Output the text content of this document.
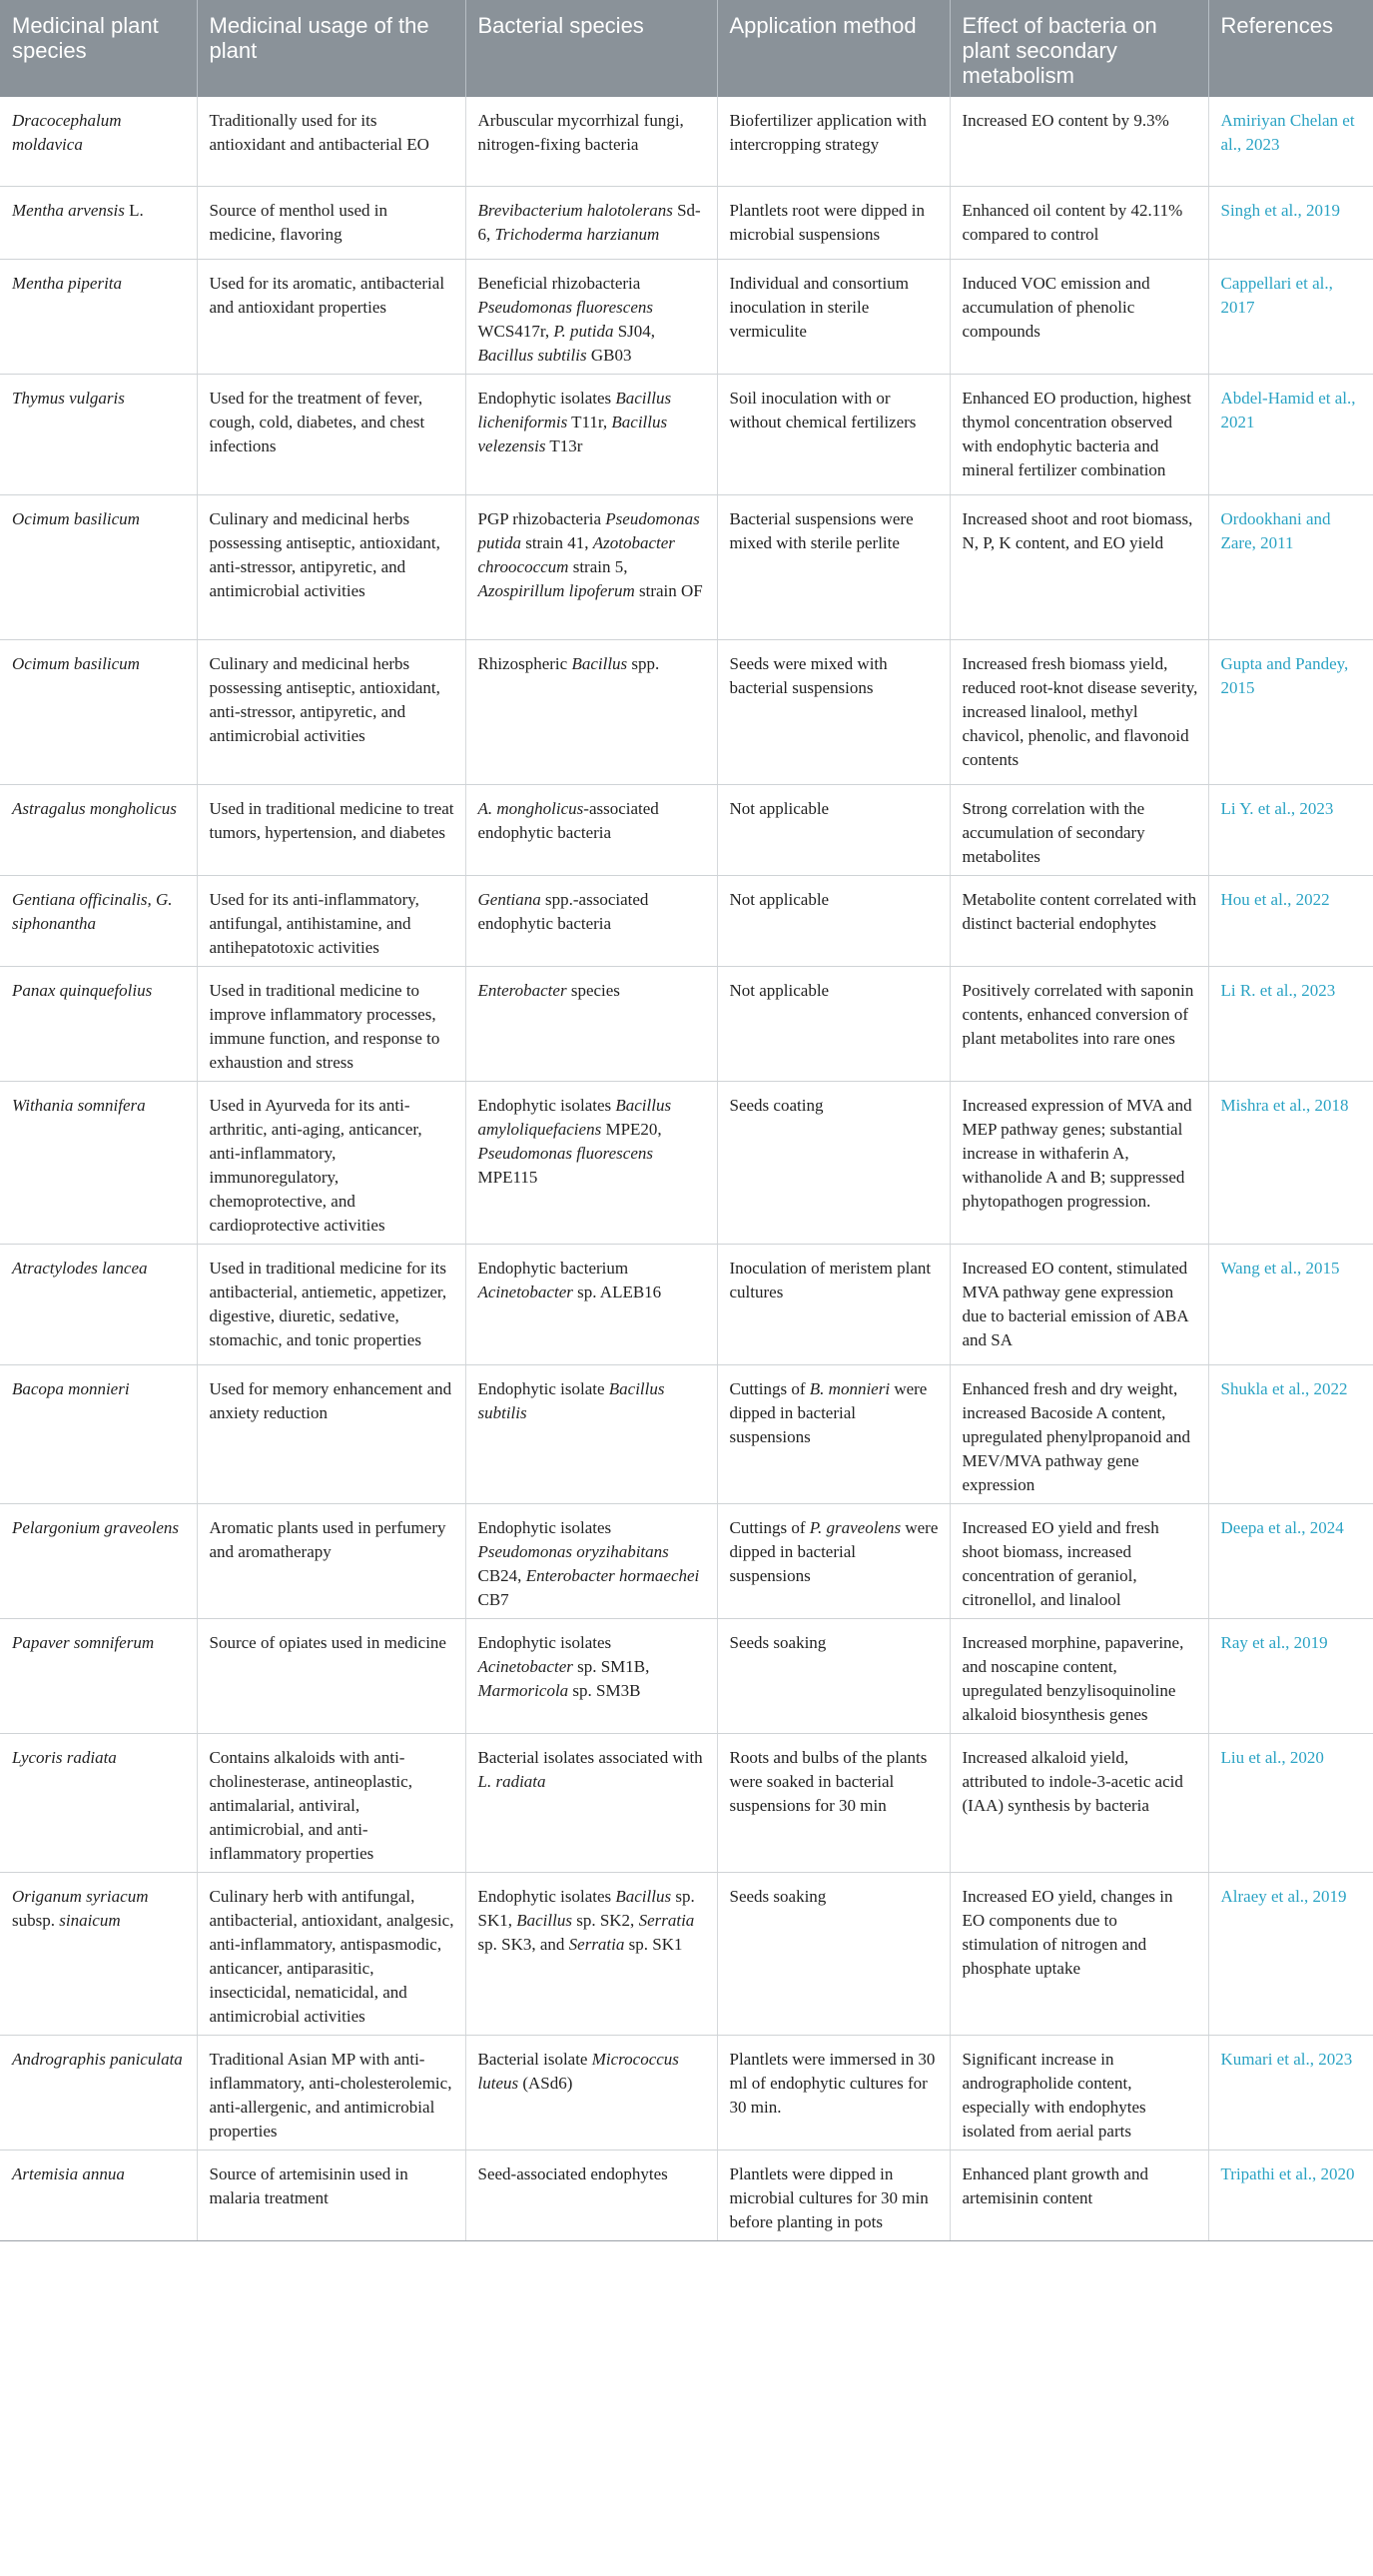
Medicinal plant species	Medicinal usage of the plant	Bacterial species	Application method	Effect of bacteria on plant secondary metabolism	References
Dracocephalum moldavica	Traditionally used for its antioxidant and antibacterial EO	Arbuscular mycorrhizal fungi, nitrogen-fixing bacteria	Biofertilizer application with intercropping strategy	Increased EO content by 9.3%	Amiriyan Chelan et al., 2023
Mentha arvensis L.	Source of menthol used in medicine, flavoring	Brevibacterium halotolerans Sd-6, Trichoderma harzianum	Plantlets root were dipped in microbial suspensions	Enhanced oil content by 42.11% compared to control	Singh et al., 2019
Mentha piperita	Used for its aromatic, antibacterial and antioxidant properties	Beneficial rhizobacteria Pseudomonas fluorescens WCS417r, P. putida SJ04, Bacillus subtilis GB03	Individual and consortium inoculation in sterile vermiculite	Induced VOC emission and accumulation of phenolic compounds	Cappellari et al., 2017
Thymus vulgaris	Used for the treatment of fever, cough, cold, diabetes, and chest infections	Endophytic isolates Bacillus licheniformis T11r, Bacillus velezensis T13r	Soil inoculation with or without chemical fertilizers	Enhanced EO production, highest thymol concentration observed with endophytic bacteria and mineral fertilizer combination	Abdel-Hamid et al., 2021
Ocimum basilicum	Culinary and medicinal herbs possessing antiseptic, antioxidant, anti-stressor, antipyretic, and antimicrobial activities	PGP rhizobacteria Pseudomonas putida strain 41, Azotobacter chroococcum strain 5, Azospirillum lipoferum strain OF	Bacterial suspensions were mixed with sterile perlite	Increased shoot and root biomass, N, P, K content, and EO yield	Ordookhani and Zare, 2011
Ocimum basilicum	Culinary and medicinal herbs possessing antiseptic, antioxidant, anti-stressor, antipyretic, and antimicrobial activities	Rhizospheric Bacillus spp.	Seeds were mixed with bacterial suspensions	Increased fresh biomass yield, reduced root-knot disease severity, increased linalool, methyl chavicol, phenolic, and flavonoid contents	Gupta and Pandey, 2015
Astragalus mongholicus	Used in traditional medicine to treat tumors, hypertension, and diabetes	A. mongholicus-associated endophytic bacteria	Not applicable	Strong correlation with the accumulation of secondary metabolites	Li Y. et al., 2023
Gentiana officinalis, G. siphonantha	Used for its anti-inflammatory, antifungal, antihistamine, and antihepatotoxic activities	Gentiana spp.-associated endophytic bacteria	Not applicable	Metabolite content correlated with distinct bacterial endophytes	Hou et al., 2022
Panax quinquefolius	Used in traditional medicine to improve inflammatory processes, immune function, and response to exhaustion and stress	Enterobacter species	Not applicable	Positively correlated with saponin contents, enhanced conversion of plant metabolites into rare ones	Li R. et al., 2023
Withania somnifera	Used in Ayurveda for its anti-arthritic, anti-aging, anticancer, anti-inflammatory, immunoregulatory, chemoprotective, and cardioprotective activities	Endophytic isolates Bacillus amyloliquefaciens MPE20, Pseudomonas fluorescens MPE115	Seeds coating	Increased expression of MVA and MEP pathway genes; substantial increase in withaferin A, withanolide A and B; suppressed phytopathogen progression.	Mishra et al., 2018
Atractylodes lancea	Used in traditional medicine for its antibacterial, antiemetic, appetizer, digestive, diuretic, sedative, stomachic, and tonic properties	Endophytic bacterium Acinetobacter sp. ALEB16	Inoculation of meristem plant cultures	Increased EO content, stimulated MVA pathway gene expression due to bacterial emission of ABA and SA	Wang et al., 2015
Bacopa monnieri	Used for memory enhancement and anxiety reduction	Endophytic isolate Bacillus subtilis	Cuttings of B. monnieri were dipped in bacterial suspensions	Enhanced fresh and dry weight, increased Bacoside A content, upregulated phenylpropanoid and MEV/MVA pathway gene expression	Shukla et al., 2022
Pelargonium graveolens	Aromatic plants used in perfumery and aromatherapy	Endophytic isolates Pseudomonas oryzihabitans CB24, Enterobacter hormaechei CB7	Cuttings of P. graveolens were dipped in bacterial suspensions	Increased EO yield and fresh shoot biomass, increased concentration of geraniol, citronellol, and linalool	Deepa et al., 2024
Papaver somniferum	Source of opiates used in medicine	Endophytic isolates Acinetobacter sp. SM1B, Marmoricola sp. SM3B	Seeds soaking	Increased morphine, papaverine, and noscapine content, upregulated benzylisoquinoline alkaloid biosynthesis genes	Ray et al., 2019
Lycoris radiata	Contains alkaloids with anti-cholinesterase, antineoplastic, antimalarial, antiviral, antimicrobial, and anti-inflammatory properties	Bacterial isolates associated with L. radiata	Roots and bulbs of the plants were soaked in bacterial suspensions for 30 min	Increased alkaloid yield, attributed to indole-3-acetic acid (IAA) synthesis by bacteria	Liu et al., 2020
Origanum syriacum subsp. sinaicum	Culinary herb with antifungal, antibacterial, antioxidant, analgesic, anti-inflammatory, antispasmodic, anticancer, antiparasitic, insecticidal, nematicidal, and antimicrobial activities	Endophytic isolates Bacillus sp. SK1, Bacillus sp. SK2, Serratia sp. SK3, and Serratia sp. SK1	Seeds soaking	Increased EO yield, changes in EO components due to stimulation of nitrogen and phosphate uptake	Alraey et al., 2019
Andrographis paniculata	Traditional Asian MP with anti-inflammatory, anti-cholesterolemic, anti-allergenic, and antimicrobial properties	Bacterial isolate Micrococcus luteus (ASd6)	Plantlets were immersed in 30 ml of endophytic cultures for 30 min.	Significant increase in andrographolide content, especially with endophytes isolated from aerial parts	Kumari et al., 2023
Artemisia annua	Source of artemisinin used in malaria treatment	Seed-associated endophytes	Plantlets were dipped in microbial cultures for 30 min before planting in pots	Enhanced plant growth and artemisinin content	Tripathi et al., 2020
